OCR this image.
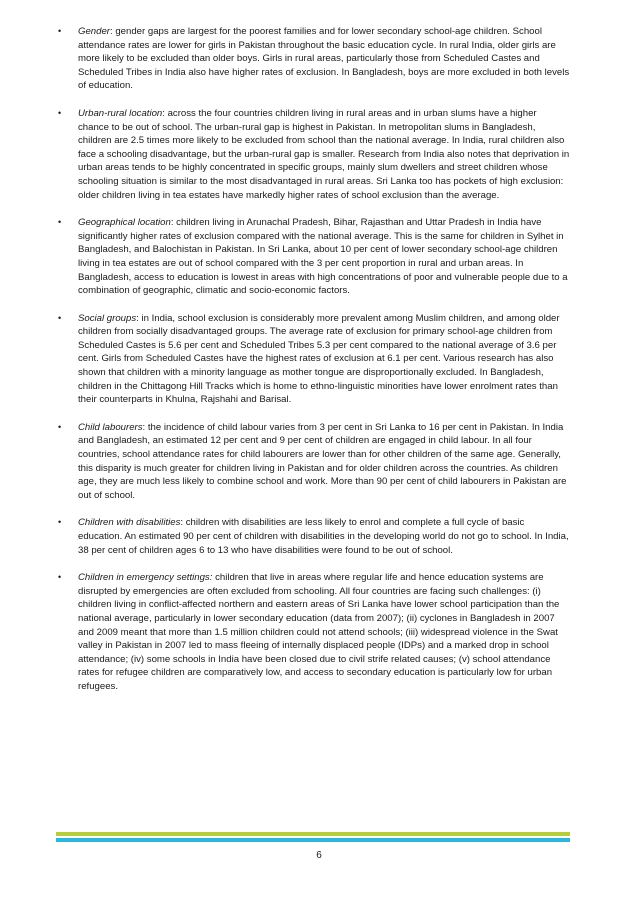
•	Gender: gender gaps are largest for the poorest families and for lower secondary school-age children. School attendance rates are lower for girls in Pakistan throughout the basic education cycle. In rural India, older girls are more likely to be excluded than older boys. Girls in rural areas, particularly those from Scheduled Castes and Scheduled Tribes in India also have higher rates of exclusion. In Bangladesh, boys are more excluded in both levels of education.
•	Urban-rural location: across the four countries children living in rural areas and in urban slums have a higher chance to be out of school. The urban-rural gap is highest in Pakistan. In metropolitan slums in Bangladesh, children are 2.5 times more likely to be excluded from school than the national average. In India, rural children also face a schooling disadvantage, but the urban-rural gap is smaller. Research from India also notes that deprivation in urban areas tends to be highly concentrated in specific groups, mainly slum dwellers and street children whose schooling situation is similar to the most disadvantaged in rural areas. Sri Lanka too has pockets of high exclusion: older children living in tea estates have markedly higher rates of school exclusion than the average.
•	Geographical location: children living in Arunachal Pradesh, Bihar, Rajasthan and Uttar Pradesh in India have significantly higher rates of exclusion compared with the national average. This is the same for children in Sylhet in Bangladesh, and Balochistan in Pakistan. In Sri Lanka, about 10 per cent of lower secondary school-age children living in tea estates are out of school compared with the 3 per cent proportion in rural and urban areas. In Bangladesh, access to education is lowest in areas with high concentrations of poor and vulnerable people due to a combination of geographic, climatic and socio-economic factors.
•	Social groups: in India, school exclusion is considerably more prevalent among Muslim children, and among older children from socially disadvantaged groups. The average rate of exclusion for primary school-age children from Scheduled Castes is 5.6 per cent and Scheduled Tribes 5.3 per cent compared to the national average of 3.6 per cent. Girls from Scheduled Castes have the highest rates of exclusion at 6.1 per cent. Various research has also shown that children with a minority language as mother tongue are disproportionally excluded. In Bangladesh, children in the Chittagong Hill Tracks which is home to ethno-linguistic minorities have lower enrolment rates than their counterparts in Khulna, Rajshahi and Barisal.
•	Child labourers: the incidence of child labour varies from 3 per cent in Sri Lanka to 16 per cent in Pakistan. In India and Bangladesh, an estimated 12 per cent and 9 per cent of children are engaged in child labour. In all four countries, school attendance rates for child labourers are lower than for other children of the same age. Generally, this disparity is much greater for children living in Pakistan and for older children across the countries. As children age, they are much less likely to combine school and work. More than 90 per cent of child labourers in Pakistan are out of school.
•	Children with disabilities: children with disabilities are less likely to enrol and complete a full cycle of basic education. An estimated 90 per cent of children with disabilities in the developing world do not go to school. In India, 38 per cent of children ages 6 to 13 who have disabilities were found to be out of school.
•	Children in emergency settings: children that live in areas where regular life and hence education systems are disrupted by emergencies are often excluded from schooling. All four countries are facing such challenges: (i) children living in conflict-affected northern and eastern areas of Sri Lanka have lower school participation than the national average, particularly in lower secondary education (data from 2007); (ii) cyclones in Bangladesh in 2007 and 2009 meant that more than 1.5 million children could not attend schools; (iii) widespread violence in the Swat valley in Pakistan in 2007 led to mass fleeing of internally displaced people (IDPs) and a marked drop in school attendance; (iv) some schools in India have been closed due to civil strife related causes; (v) school attendance rates for refugee children are comparatively low, and access to secondary education is particularly low for urban refugees.
6
